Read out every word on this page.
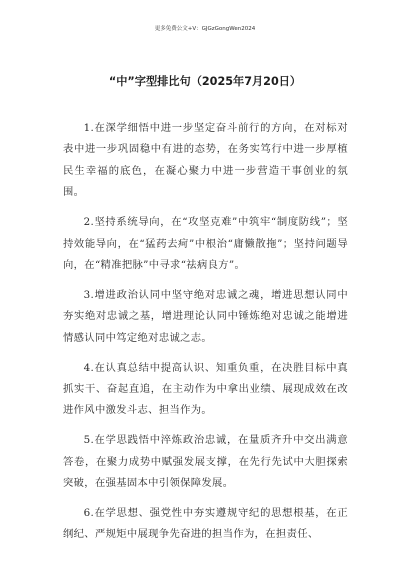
更多免费公文+V：GJGzGongWen2024
“中”字型排比句（2025年7月20日）

1.在深学细悟中进一步坚定奋斗前行的方向，在对标对表中进一步巩固稳中有进的态势，在务实笃行中进一步厚植民生幸福的底色，在凝心聚力中进一步营造干事创业的氛围。

2.坚持系统导向，在“攻坚克难”中筑牢“制度防线”；坚持效能导向，在“猛药去疴”中根治“庸懒散拖”；坚持问题导向，在“精准把脉”中寻求“祛病良方”。

3.增进政治认同中坚守绝对忠诚之魂，增进思想认同中夯实绝对忠诚之基，增进理论认同中锤炼绝对忠诚之能增进情感认同中笃定绝对忠诚之志。

4.在认真总结中提高认识、知重负重，在决胜目标中真抓实干、奋起直追，在主动作为中拿出业绩、展现成效在改进作风中激发斗志、担当作为。

5.在学思践悟中淬炼政治忠诚，在量质齐升中交出满意答卷，在聚力成势中赋强发展支撑，在先行先试中大胆探索突破，在强基固本中引领保障发展。

6.在学思想、强党性中夯实遵规守纪的思想根基，在正纲纪、严规矩中展现争先奋进的担当作为，在担责任、
